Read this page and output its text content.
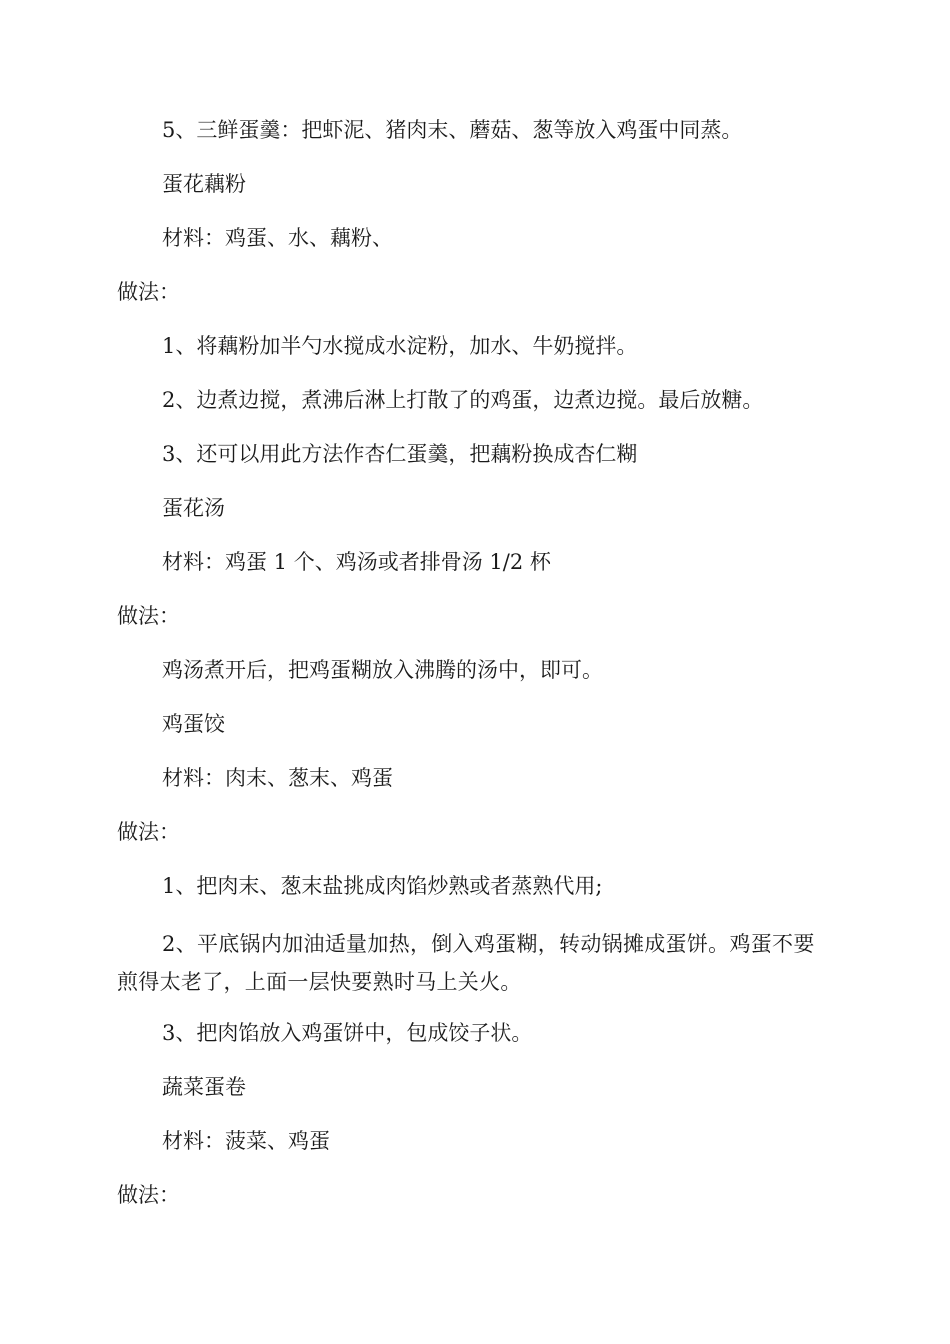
5、三鲜蛋羹：把虾泥、猪肉末、蘑菇、葱等放入鸡蛋中同蒸。
蛋花藕粉
材料：鸡蛋、水、藕粉、
做法：
1、将藕粉加半勺水搅成水淀粉，加水、牛奶搅拌。
2、边煮边搅，煮沸后淋上打散了的鸡蛋，边煮边搅。最后放糖。
3、还可以用此方法作杏仁蛋羹，把藕粉换成杏仁糊
蛋花汤
材料：鸡蛋 1 个、鸡汤或者排骨汤 1/2 杯
做法：
鸡汤煮开后，把鸡蛋糊放入沸腾的汤中，即可。
鸡蛋饺
材料：肉末、葱末、鸡蛋
做法：
1、把肉末、葱末盐挑成肉馅炒熟或者蒸熟代用;
2、平底锅内加油适量加热，倒入鸡蛋糊，转动锅摊成蛋饼。鸡蛋不要煎得太老了，上面一层快要熟时马上关火。
3、把肉馅放入鸡蛋饼中，包成饺子状。
蔬菜蛋卷
材料：菠菜、鸡蛋
做法：
